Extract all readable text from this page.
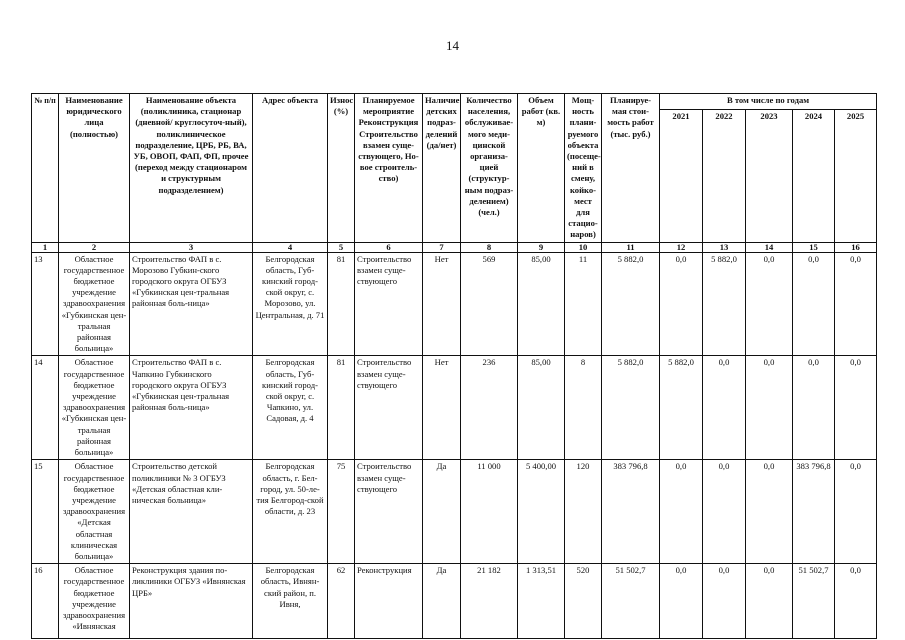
14
№ п/п	Наименование юридического лица (полностью)	Наименование объекта (поликлиника, стационар (дневной/ круглосуточ-ный), поликлиническое подразделение, ЦРБ, РБ, ВА, УБ, ОВОП, ФАП, ФП, прочее (переход между стационаром и структурным подразделением)	Адрес объекта	Износ (%)	Планируемое мероприятие Реконструкция Строительство взамен суще-ствующего, Но-вое строитель-ство)	Наличие детских подраз-делений (да/нет)	Количество населения, обслуживае-мого меди-цинской организа-цией (структур-ным подраз-делением) (чел.)	Объем работ (кв. м)	Мощ-ность плани-руемого объекта (посеще-ний в смену, койко-мест для стацио-наров)	Планируе-мая стои-мость работ (тыс. руб.)	В том числе по годам				
											2021	2022	2023	2024	2025
1	2	3	4	5	6	7	8	9	10	11	12	13	14	15	16
13	Областное государственное бюджетное учреждение здравоохранения «Губкинская цен-тральная районная больница»	Строительство ФАП в с. Морозово Губкин-ского городского округа ОГБУЗ «Губкинская цен-тральная районная боль-ница»	Белгородская область, Губ-кинский город-ской округ, с. Морозово, ул. Центральная, д. 71	81	Строительство взамен суще-ствующего	Нет	569	85,00	11	5 882,0	0,0	5 882,0	0,0	0,0	0,0
14	Областное государственное бюджетное учреждение здравоохранения «Губкинская цен-тральная районная больница»	Строительство ФАП в с. Чапкино Губкинского городского округа ОГБУЗ «Губкинская цен-тральная районная боль-ница»	Белгородская область, Губ-кинский город-ской округ, с. Чапкино, ул. Садовая, д. 4	81	Строительство взамен суще-ствующего	Нет	236	85,00	8	5 882,0	5 882,0	0,0	0,0	0,0	0,0
15	Областное государственное бюджетное учреждение здравоохранения «Детская областная клиническая больница»	Строительство детской поликлиники № 3 ОГБУЗ «Детская областная кли-ническая больница»	Белгородская область, г. Бел-город, ул. 50-ле-тия Белгород-ской области, д. 23	75	Строительство взамен суще-ствующего	Да	11 000	5 400,00	120	383 796,8	0,0	0,0	0,0	383 796,8	0,0
16	Областное государственное бюджетное учреждение здравоохранения «Ивнянская	Реконструкция здания по-ликлиники ОГБУЗ «Ивнянская ЦРБ»	Белгородская область, Ивнян-ский район, п. Ивня,	62	Реконструкция	Да	21 182	1 313,51	520	51 502,7	0,0	0,0	0,0	51 502,7	0,0
